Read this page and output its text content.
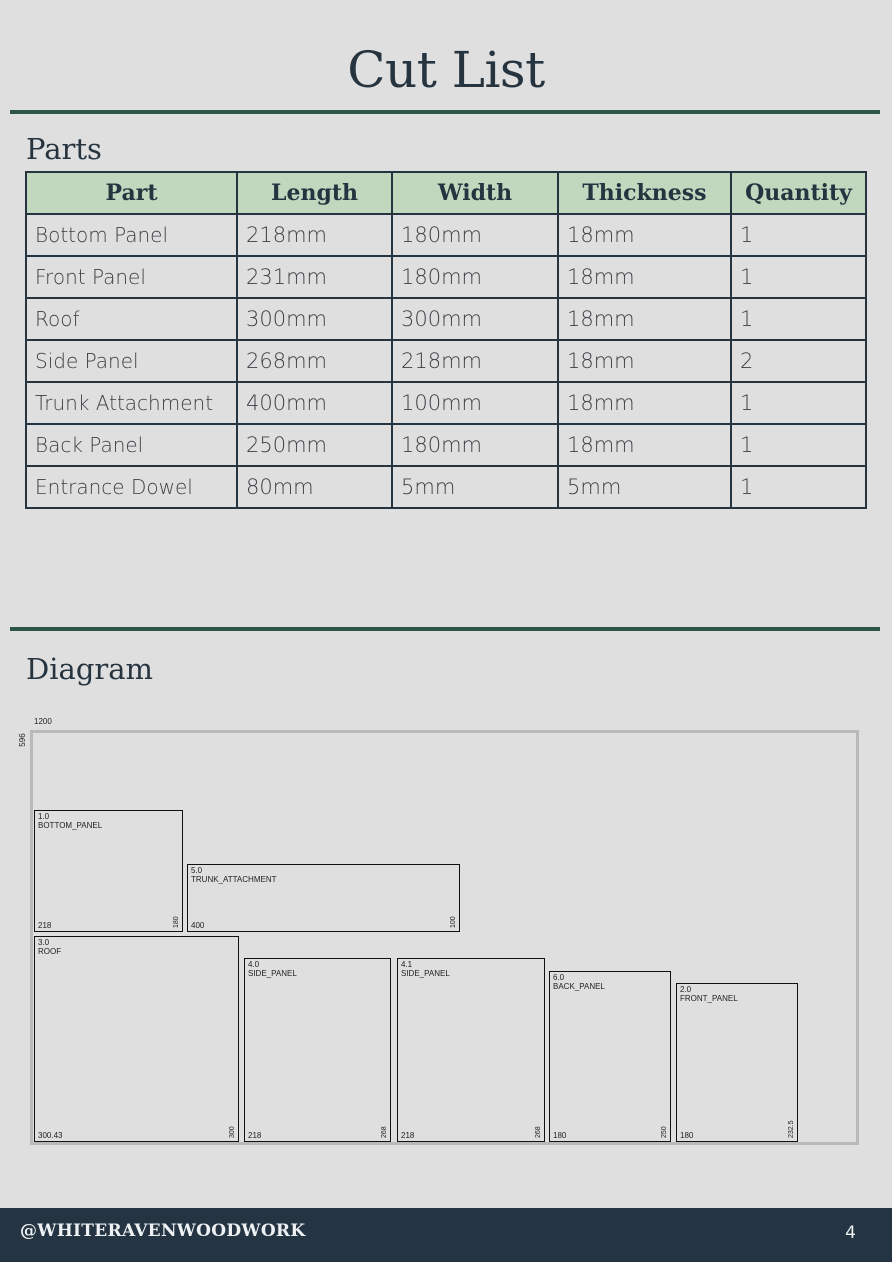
Cut List
Parts
Part	Length	Width	Thickness	Quantity
Bottom Panel	218mm	180mm	18mm	1
Front Panel	231mm	180mm	18mm	1
Roof	300mm	300mm	18mm	1
Side Panel	268mm	218mm	18mm	2
Trunk Attachment	400mm	100mm	18mm	1
Back Panel	250mm	180mm	18mm	1
Entrance Dowel	80mm	5mm	5mm	1
Diagram
1200
596
1.0
BOTTOM_PANEL
218	180
5.0
TRUNK_ATTACHMENT
400	100
3.0
ROOF
300.43	300
4.0
SIDE_PANEL
218	268
4.1
SIDE_PANEL
218	268
6.0
BACK_PANEL
180	250
2.0
FRONT_PANEL
180	232.5
@WHITERAVENWOODWORK	4
